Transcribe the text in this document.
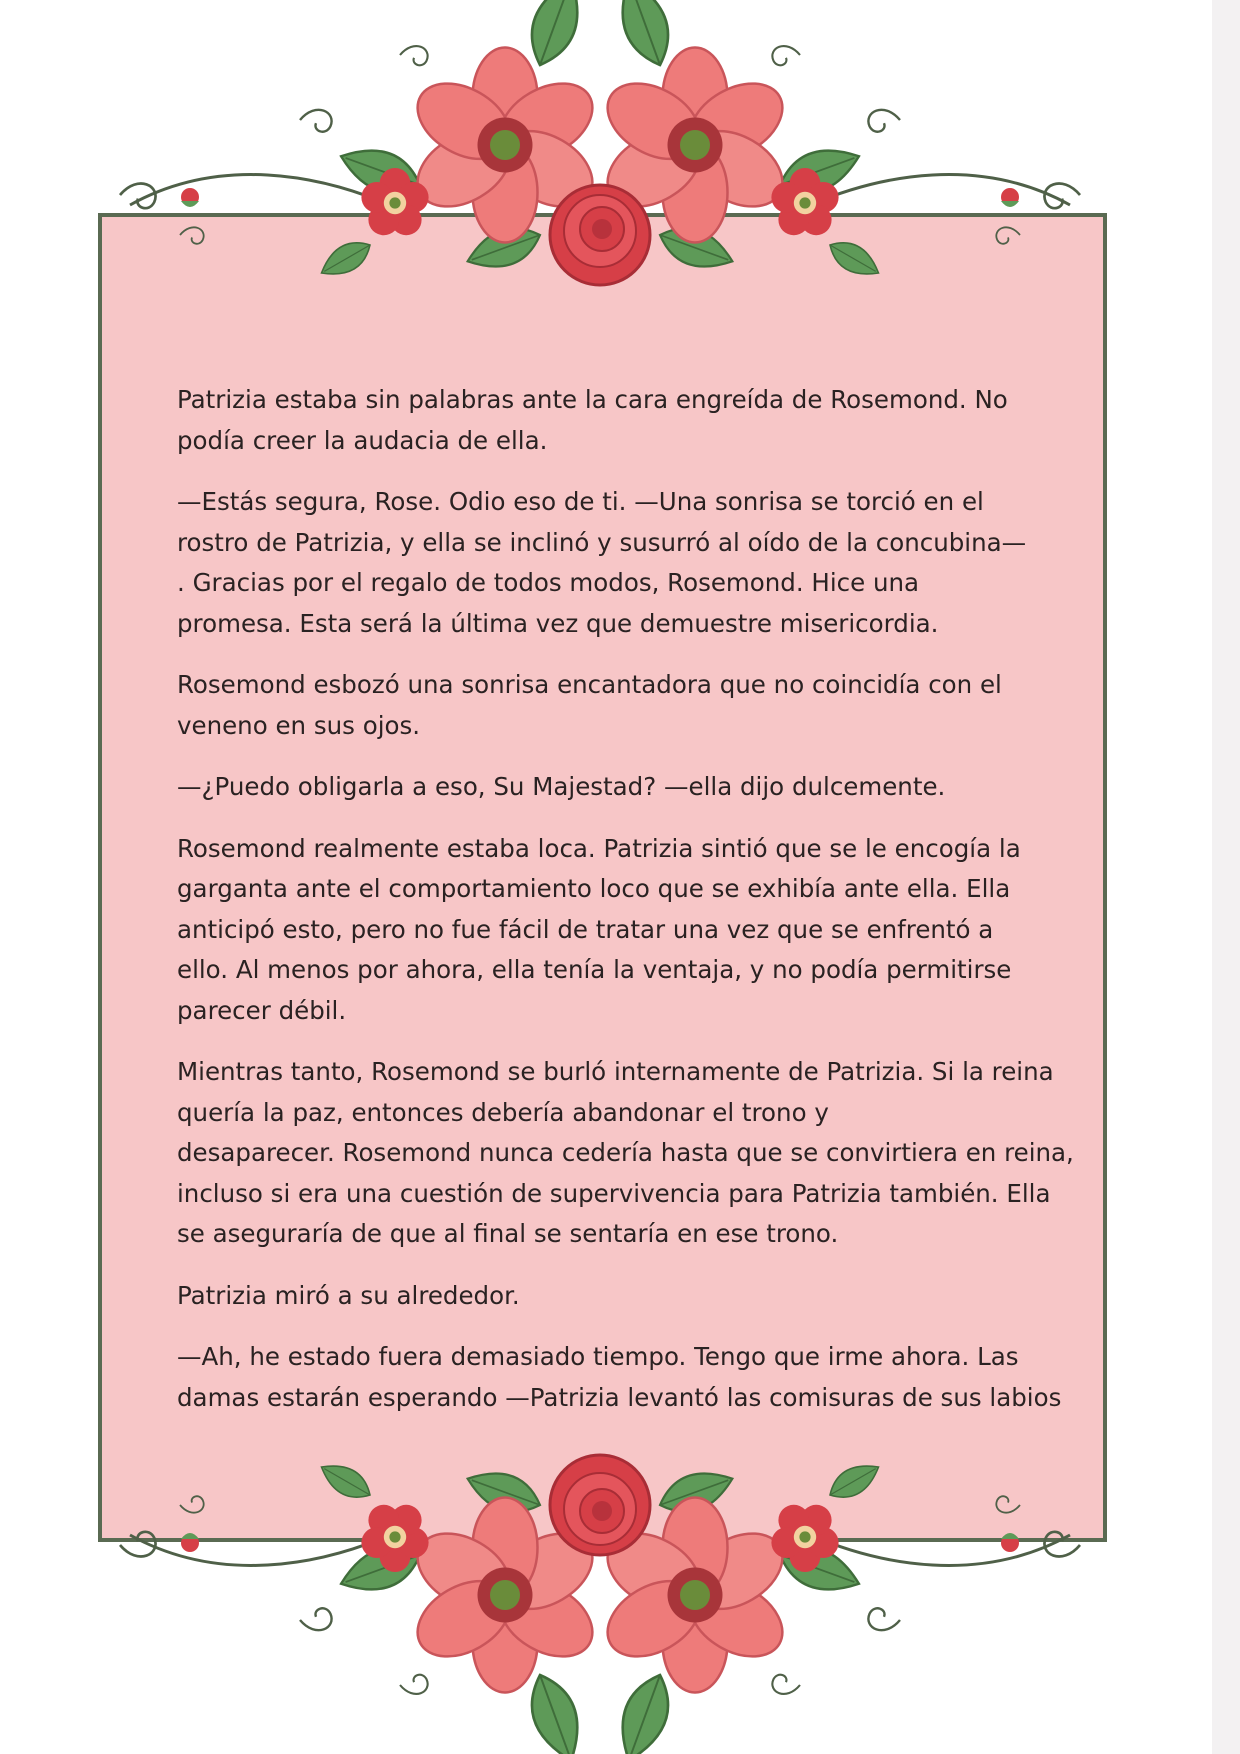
Patrizia estaba sin palabras ante la cara engreída de Rosemond. No
podía creer la audacia de ella.

—Estás segura, Rose. Odio eso de ti. —Una sonrisa se torció en el
rostro de Patrizia, y ella se inclinó y susurró al oído de la concubina—
. Gracias por el regalo de todos modos, Rosemond. Hice una
promesa. Esta será la última vez que demuestre misericordia.

Rosemond esbozó una sonrisa encantadora que no coincidía con el
veneno en sus ojos.

—¿Puedo obligarla a eso, Su Majestad? —ella dijo dulcemente.

Rosemond realmente estaba loca. Patrizia sintió que se le encogía la
garganta ante el comportamiento loco que se exhibía ante ella. Ella
anticipó esto, pero no fue fácil de tratar una vez que se enfrentó a
ello. Al menos por ahora, ella tenía la ventaja, y no podía permitirse
parecer débil.

Mientras tanto, Rosemond se burló internamente de Patrizia. Si la reina
quería la paz, entonces debería abandonar el trono y
desaparecer. Rosemond nunca cedería hasta que se convirtiera en reina,
incluso si era una cuestión de supervivencia para Patrizia también. Ella
se aseguraría de que al final se sentaría en ese trono.

Patrizia miró a su alrededor.

—Ah, he estado fuera demasiado tiempo. Tengo que irme ahora. Las
damas estarán esperando —Patrizia levantó las comisuras de sus labios
